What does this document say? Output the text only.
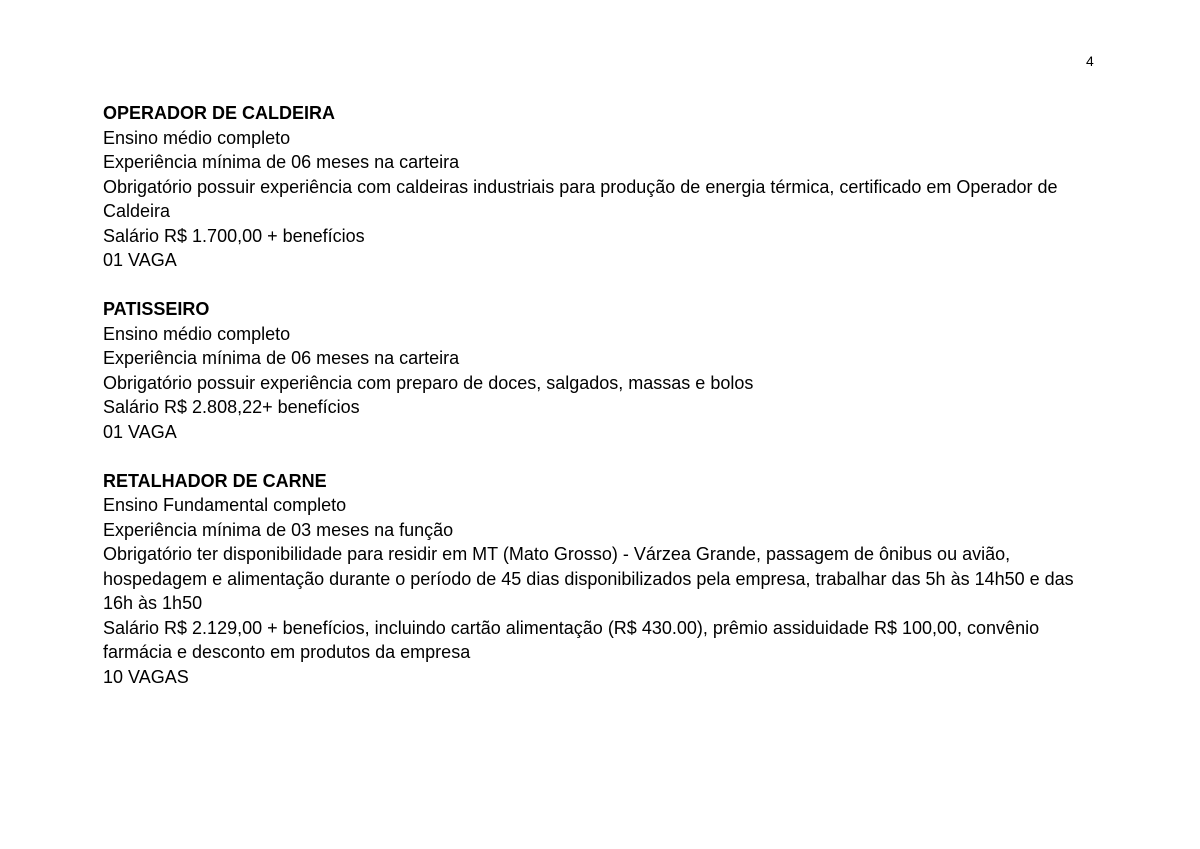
4
OPERADOR DE CALDEIRA
Ensino médio completo
Experiência mínima de 06 meses na carteira
Obrigatório possuir experiência com caldeiras industriais para produção de energia térmica, certificado em Operador de Caldeira
Salário R$ 1.700,00 + benefícios
01 VAGA
PATISSEIRO
Ensino médio completo
Experiência mínima de 06 meses na carteira
Obrigatório possuir experiência com preparo de doces, salgados, massas e bolos
Salário R$ 2.808,22+ benefícios
01 VAGA
RETALHADOR DE CARNE
Ensino Fundamental completo
Experiência mínima de 03 meses na função
Obrigatório ter disponibilidade para residir em MT (Mato Grosso) - Várzea Grande, passagem de ônibus ou avião, hospedagem e alimentação durante o período de 45 dias disponibilizados pela empresa, trabalhar das 5h às 14h50 e das 16h às 1h50
Salário R$ 2.129,00 + benefícios, incluindo cartão alimentação (R$ 430.00), prêmio assiduidade R$ 100,00, convênio farmácia e desconto em produtos da empresa
10 VAGAS
